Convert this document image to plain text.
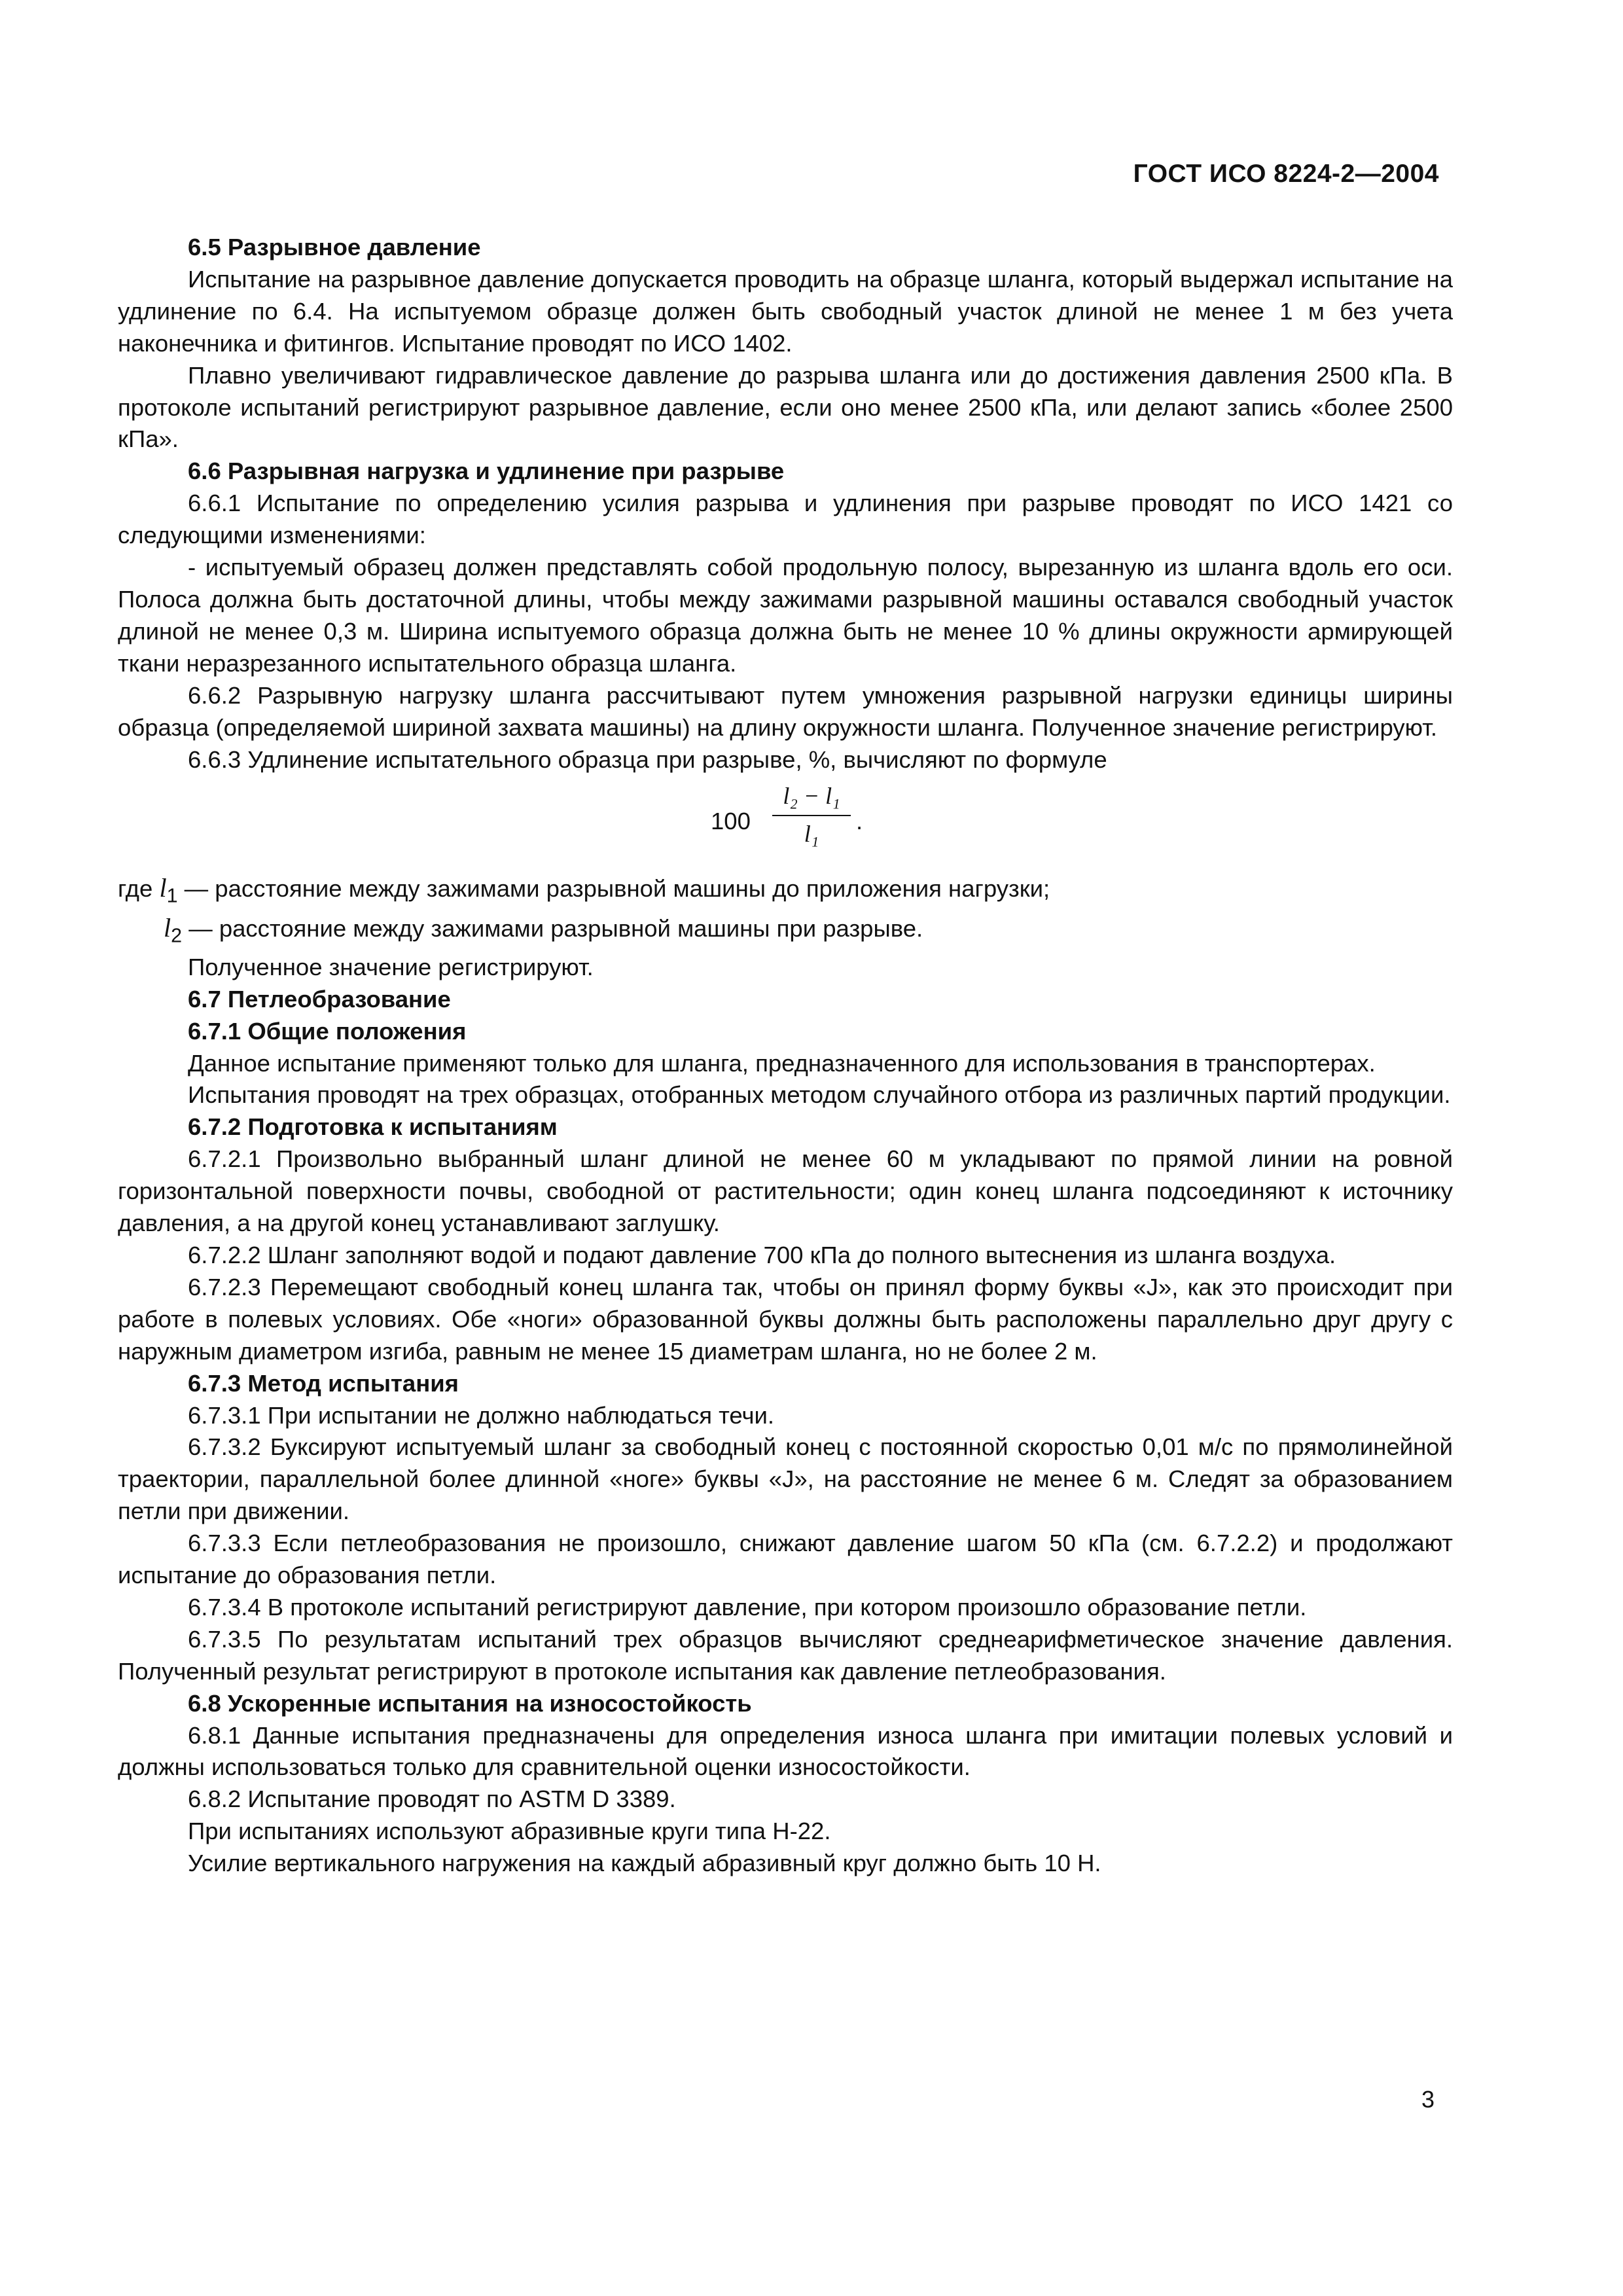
ГОСТ ИСО 8224-2—2004
6.5 Разрывное давление

Испытание на разрывное давление допускается проводить на образце шланга, который выдержал испытание на удлинение по 6.4. На испытуемом образце должен быть свободный участок длиной не менее 1 м без учета наконечника и фитингов. Испытание проводят по ИСО 1402.

Плавно увеличивают гидравлическое давление до разрыва шланга или до достижения давления 2500 кПа. В протоколе испытаний регистрируют разрывное давление, если оно менее 2500 кПа, или делают запись «более 2500 кПа».

6.6 Разрывная нагрузка и удлинение при разрыве

6.6.1 Испытание по определению усилия разрыва и удлинения при разрыве проводят по ИСО 1421 со следующими изменениями:

- испытуемый образец должен представлять собой продольную полосу, вырезанную из шланга вдоль его оси. Полоса должна быть достаточной длины, чтобы между зажимами разрывной машины оставался свободный участок длиной не менее 0,3 м. Ширина испытуемого образца должна быть не менее 10 % длины окружности армирующей ткани неразрезанного испытательного образца шланга.

6.6.2 Разрывную нагрузку шланга рассчитывают путем умножения разрывной нагрузки единицы ширины образца (определяемой шириной захвата машины) на длину окружности шланга. Полученное значение регистрируют.

6.6.3 Удлинение испытательного образца при разрыве, %, вычисляют по формуле

100
l₂ − l₁
l₁	.

где $l_1$ — расстояние между зажимами разрывной машины до приложения нагрузки;

$l_2$ — расстояние между зажимами разрывной машины при разрыве.

Полученное значение регистрируют.

6.7 Петлеобразование
6.7.1 Общие положения

Данное испытание применяют только для шланга, предназначенного для использования в транспортерах.

Испытания проводят на трех образцах, отобранных методом случайного отбора из различных партий продукции.

6.7.2 Подготовка к испытаниям

6.7.2.1 Произвольно выбранный шланг длиной не менее 60 м укладывают по прямой линии на ровной горизонтальной поверхности почвы, свободной от растительности; один конец шланга подсоединяют к источнику давления, а на другой конец устанавливают заглушку.

6.7.2.2 Шланг заполняют водой и подают давление 700 кПа до полного вытеснения из шланга воздуха.

6.7.2.3 Перемещают свободный конец шланга так, чтобы он принял форму буквы «J», как это происходит при работе в полевых условиях. Обе «ноги» образованной буквы должны быть расположены параллельно друг другу с наружным диаметром изгиба, равным не менее 15 диаметрам шланга, но не более 2 м.

6.7.3 Метод испытания

6.7.3.1 При испытании не должно наблюдаться течи.

6.7.3.2 Буксируют испытуемый шланг за свободный конец с постоянной скоростью 0,01 м/с по прямолинейной траектории, параллельной более длинной «ноге» буквы «J», на расстояние не менее 6 м. Следят за образованием петли при движении.

6.7.3.3 Если петлеобразования не произошло, снижают давление шагом 50 кПа (см. 6.7.2.2) и продолжают испытание до образования петли.

6.7.3.4 В протоколе испытаний регистрируют давление, при котором произошло образование петли.

6.7.3.5 По результатам испытаний трех образцов вычисляют среднеарифметическое значение давления. Полученный результат регистрируют в протоколе испытания как давление петлеобразования.

6.8 Ускоренные испытания на износостойкость

6.8.1 Данные испытания предназначены для определения износа шланга при имитации полевых условий и должны использоваться только для сравнительной оценки износостойкости.

6.8.2 Испытание проводят по ASTM D 3389.

При испытаниях используют абразивные круги типа Н-22.

Усилие вертикального нагружения на каждый абразивный круг должно быть 10 Н.

3
